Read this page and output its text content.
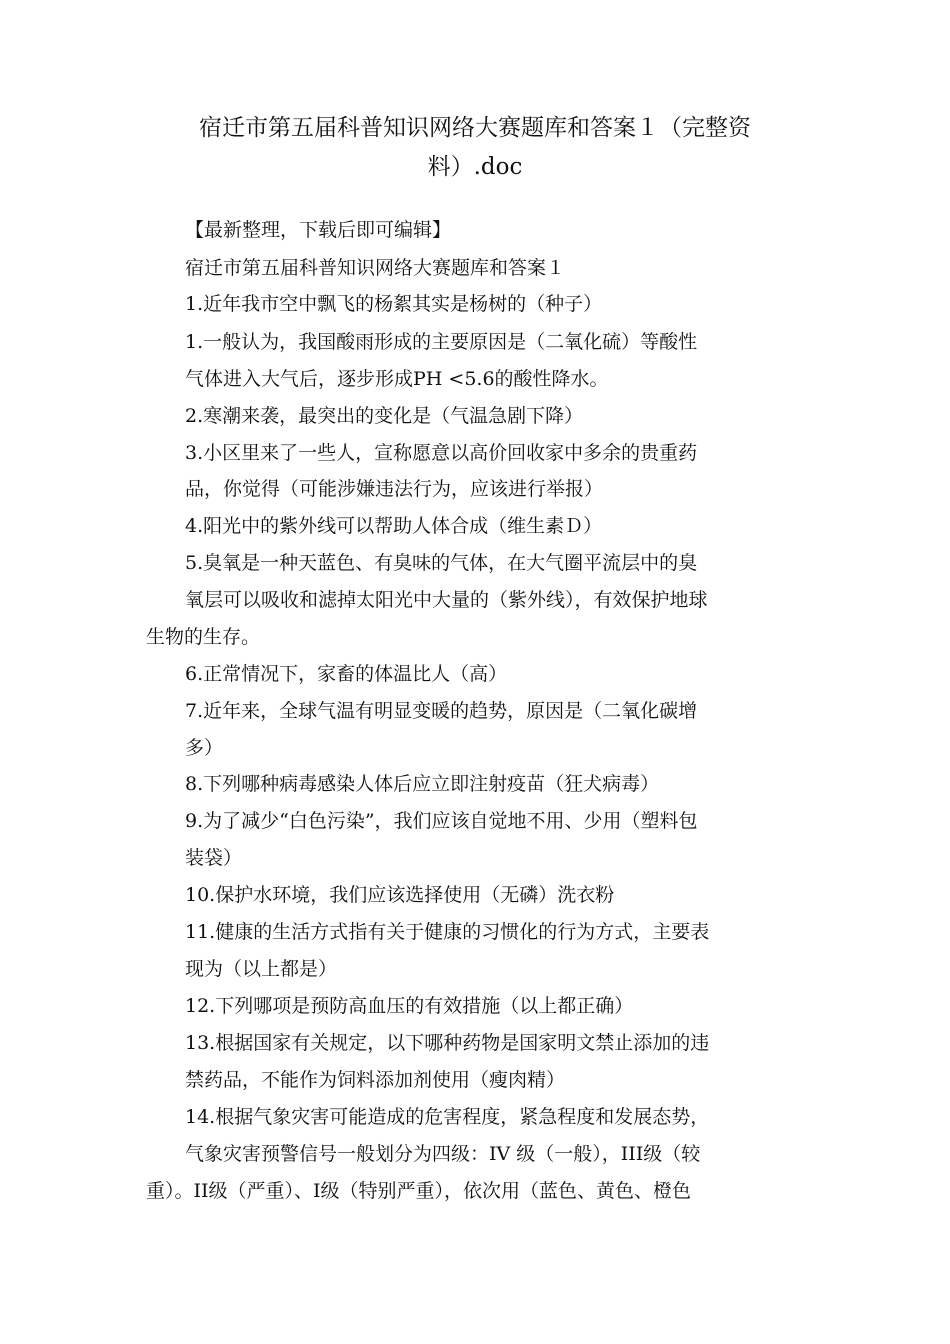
宿迁市第五届科普知识网络大赛题库和答案１（完整资
料）.doc
【最新整理，下载后即可编辑】
宿迁市第五届科普知识网络大赛题库和答案１
1.近年我市空中飘飞的杨絮其实是杨树的（种子）
1.一般认为，我国酸雨形成的主要原因是（二氧化硫）等酸性
气体进入大气后，逐步形成PH <5.6的酸性降水。
2.寒潮来袭，最突出的变化是（气温急剧下降）
3.小区里来了一些人，宣称愿意以高价回收家中多余的贵重药
品，你觉得（可能涉嫌违法行为，应该进行举报）
4.阳光中的紫外线可以帮助人体合成（维生素Ｄ）
5.臭氧是一种天蓝色、有臭味的气体，在大气圈平流层中的臭
氧层可以吸收和滤掉太阳光中大量的（紫外线），有效保护地球
生物的生存。
6.正常情况下，家畜的体温比人（高）
7.近年来，全球气温有明显变暖的趋势，原因是（二氧化碳增
多）
8.下列哪种病毒感染人体后应立即注射疫苗（狂犬病毒）
9.为了减少“白色污染”，我们应该自觉地不用、少用（塑料包
装袋）
10.保护水环境，我们应该选择使用（无磷）洗衣粉
11.健康的生活方式指有关于健康的习惯化的行为方式，主要表
现为（以上都是）
12.下列哪项是预防高血压的有效措施（以上都正确）
13.根据国家有关规定，以下哪种药物是国家明文禁止添加的违
禁药品，不能作为饲料添加剂使用（瘦肉精）
14.根据气象灾害可能造成的危害程度，紧急程度和发展态势，
气象灾害预警信号一般划分为四级：IV 级（一般），III级（较
重）。II级（严重）、I级（特别严重），依次用（蓝色、黄色、橙色
